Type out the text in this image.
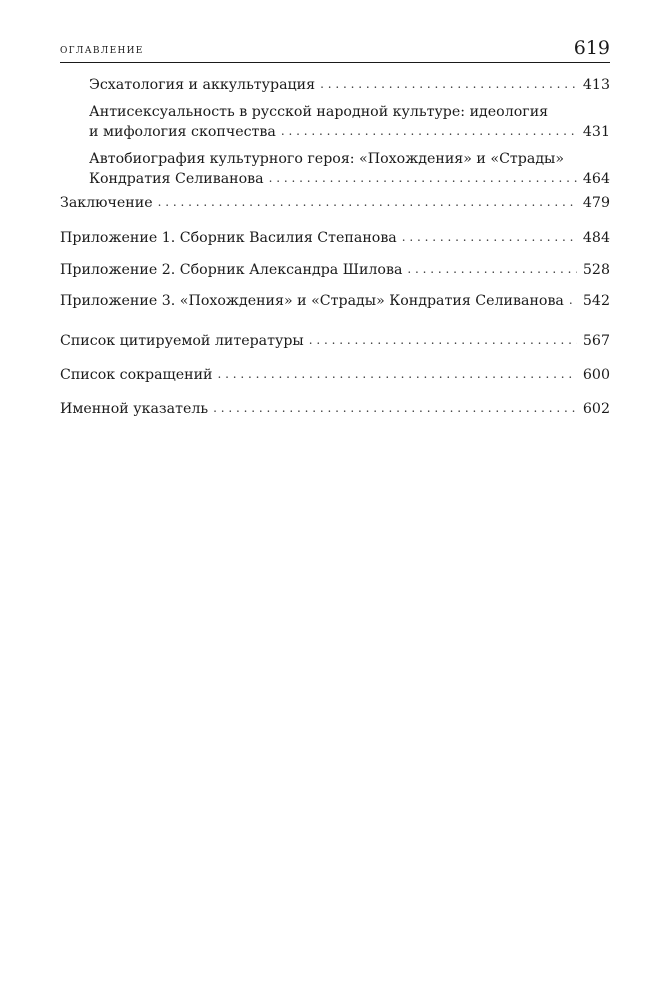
оглавление	619
Эсхатология и аккультурация . . .	413
Антисексуальность в русской народной культуре: идеология
и мифология скопчества . . .	431
Автобиография культурного героя: «Похождения» и «Страды»
Кондратия Селиванова . . .	464
Заключение . . .	479
Приложение 1. Сборник Василия Степанова . . .	484
Приложение 2. Сборник Александра Шилова . . .	528
Приложение 3. «Похождения» и «Страды» Кондратия Селиванова . . . 542
Список цитируемой литературы . . .	567
Список сокращений . . .	600
Именной указатель . . .	602
